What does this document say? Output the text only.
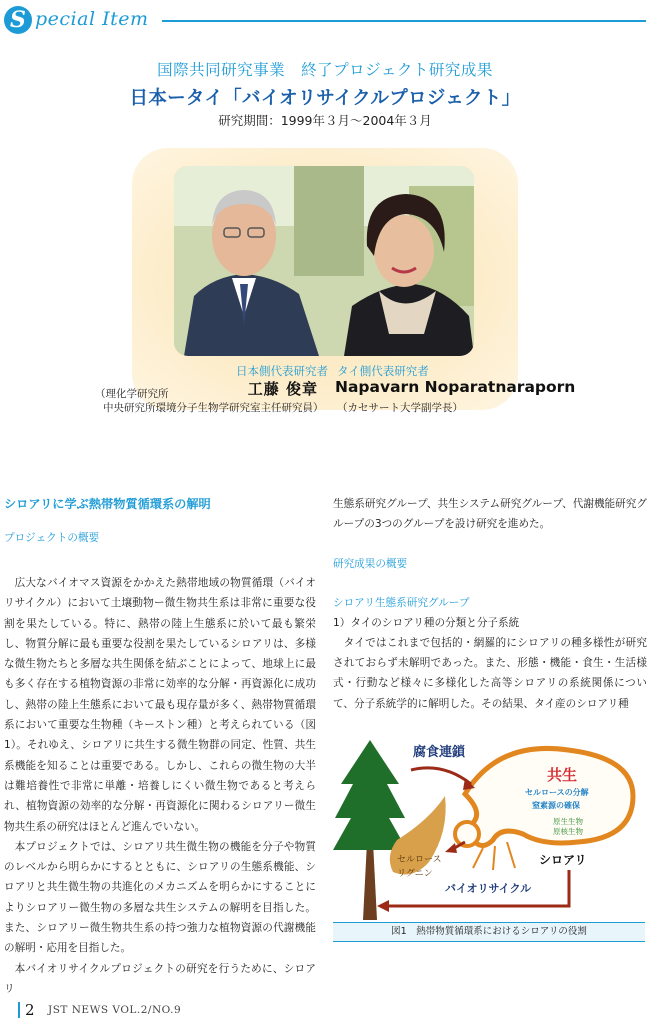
S pecial Item
国際共同研究事業　終了プロジェクト研究成果
日本ータイ「バイオリサイクルプロジェクト」
研究期間：1999年３月〜2004年３月
日本側代表研究者 タイ側代表研究者
工藤 俊章 Napavarn Noparatnaraporn
（理化学研究所
中央研究所環境分子生物学研究室主任研究員） （カセサート大学副学長）
シロアリに学ぶ熱帯物質循環系の解明
プロジェクトの概要

広大なバイオマス資源をかかえた熱帯地域の物質循環（バイオリサイクル）において土壌動物ー微生物共生系は非常に重要な役割を果たしている。特に、熱帯の陸上生態系に於いて最も繁栄し、物質分解に最も重要な役割を果たしているシロアリは、多様な微生物たちと多層な共生関係を結ぶことによって、地球上に最も多く存在する植物資源の非常に効率的な分解・再資源化に成功し、熱帯の陸上生態系において最も現存量が多く、熱帯物質循環系において重要な生物種（キーストン種）と考えられている（図1）。それゆえ、シロアリに共生する微生物群の同定、性質、共生系機能を知ることは重要である。しかし、これらの微生物の大半は難培養性で非常に単離・培養しにくい微生物であると考えられ、植物資源の効率的な分解・再資源化に関わるシロアリー微生物共生系の研究はほとんど進んでいない。

本プロジェクトでは、シロアリ共生微生物の機能を分子や物質のレベルから明らかにするとともに、シロアリの生態系機能、シロアリと共生微生物の共進化のメカニズムを明らかにすることによりシロアリー微生物の多層な共生システムの解明を目指した。また、シロアリー微生物共生系の持つ強力な植物資源の代謝機能の解明・応用を目指した。

本バイオリサイクルプロジェクトの研究を行うために、シロアリ

生態系研究グループ、共生システム研究グループ、代謝機能研究グループの3つのグループを設け研究を進めた。

研究成果の概要
シロアリ生態系研究グループ

1）タイのシロアリ種の分類と分子系統

タイではこれまで包括的・網羅的にシロアリの種多様性が研究されておらず未解明であった。また、形態・機能・食生・生活様式・行動など様々に多様化した高等シロアリの系統関係について、分子系統学的に解明した。その結果、タイ産のシロアリ種

腐食連鎖
共生
セルロースの分解
窒素源の確保
原生生物
原核生物
シロアリ
セルロース
リグニン
バイオリサイクル
図1　熱帯物質循環系におけるシロアリの役割
2 JST NEWS VOL.2/NO.9
